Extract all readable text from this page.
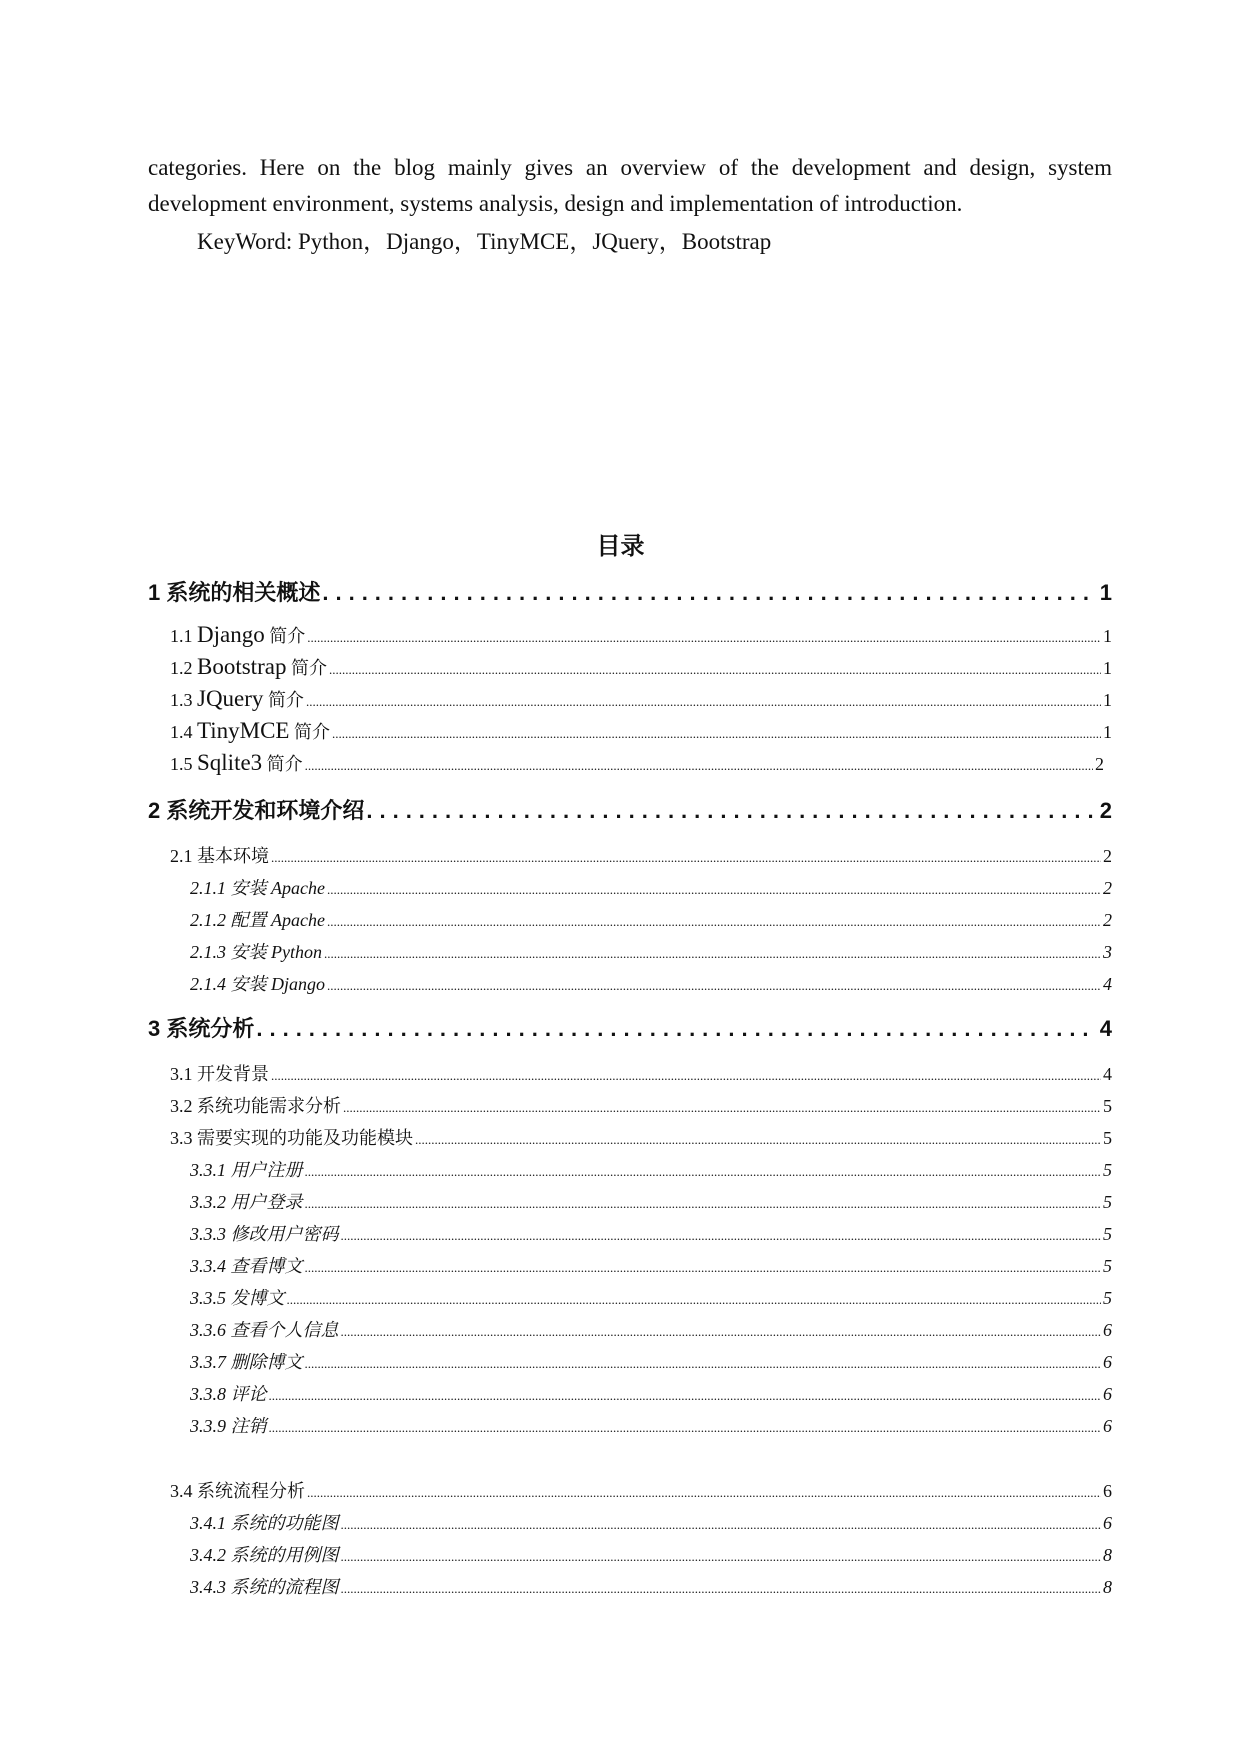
categories. Here on the blog mainly gives an overview of the development and design, system
development environment, systems analysis, design and implementation of introduction.
KeyWord: Python，Django，TinyMCE，JQuery，Bootstrap
目录
1 系统的相关概述 .....	1
1.1 Django 简介 .....	1
1.2 Bootstrap 简介 .....	1
1.3 JQuery 简介 .....	1
1.4 TinyMCE 简介 .....	1
1.5 Sqlite3 简介 .....	2
2 系统开发和环境介绍 .....	2
2.1 基本环境 .....	2
2.1.1 安装 Apache .....	2
2.1.2 配置 Apache .....	2
2.1.3 安装 Python .....	3
2.1.4 安装 Django .....	4
3 系统分析 .....	4
3.1 开发背景 .....	4
3.2 系统功能需求分析 .....	5
3.3 需要实现的功能及功能模块 .....	5
3.3.1 用户注册 .....	5
3.3.2 用户登录 .....	5
3.3.3 修改用户密码 .....	5
3.3.4 查看博文 .....	5
3.3.5 发博文 .....	5
3.3.6 查看个人信息 .....	6
3.3.7 删除博文 .....	6
3.3.8 评论 .....	6
3.3.9 注销 .....	6
3.4 系统流程分析 .....	6
3.4.1 系统的功能图 .....	6
3.4.2 系统的用例图 .....	8
3.4.3 系统的流程图 .....	8
